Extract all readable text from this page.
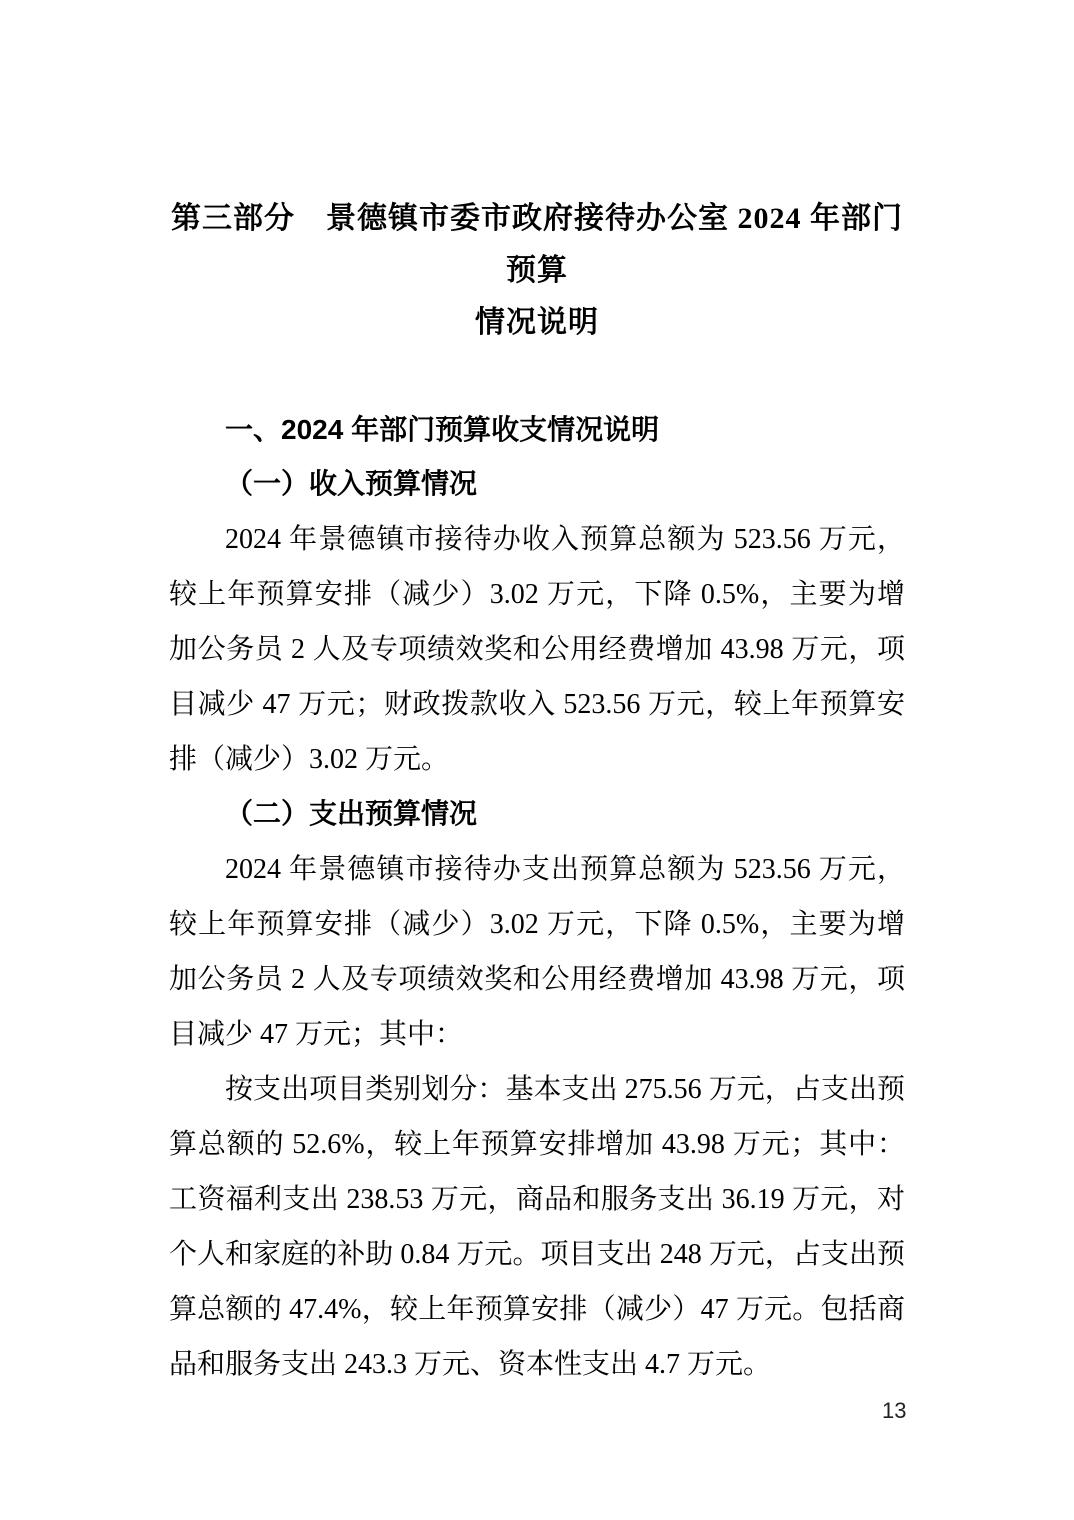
第三部分　景德镇市委市政府接待办公室 2024 年部门预算
情况说明
一、2024 年部门预算收支情况说明
（一）收入预算情况

2024 年景德镇市接待办收入预算总额为 523.56 万元，较上年预算安排（减少）3.02 万元，下降 0.5%，主要为增加公务员 2 人及专项绩效奖和公用经费增加 43.98 万元，项目减少 47 万元；财政拨款收入 523.56 万元，较上年预算安排（减少）3.02 万元。

（二）支出预算情况

2024 年景德镇市接待办支出预算总额为 523.56 万元，较上年预算安排（减少）3.02 万元，下降 0.5%，主要为增加公务员 2 人及专项绩效奖和公用经费增加 43.98 万元，项目减少 47 万元；其中：

按支出项目类别划分：基本支出 275.56 万元，占支出预算总额的 52.6%，较上年预算安排增加 43.98 万元；其中：工资福利支出 238.53 万元，商品和服务支出 36.19 万元，对个人和家庭的补助 0.84 万元。项目支出 248 万元，占支出预算总额的 47.4%，较上年预算安排（减少）47 万元。包括商品和服务支出 243.3 万元、资本性支出 4.7 万元。

13
